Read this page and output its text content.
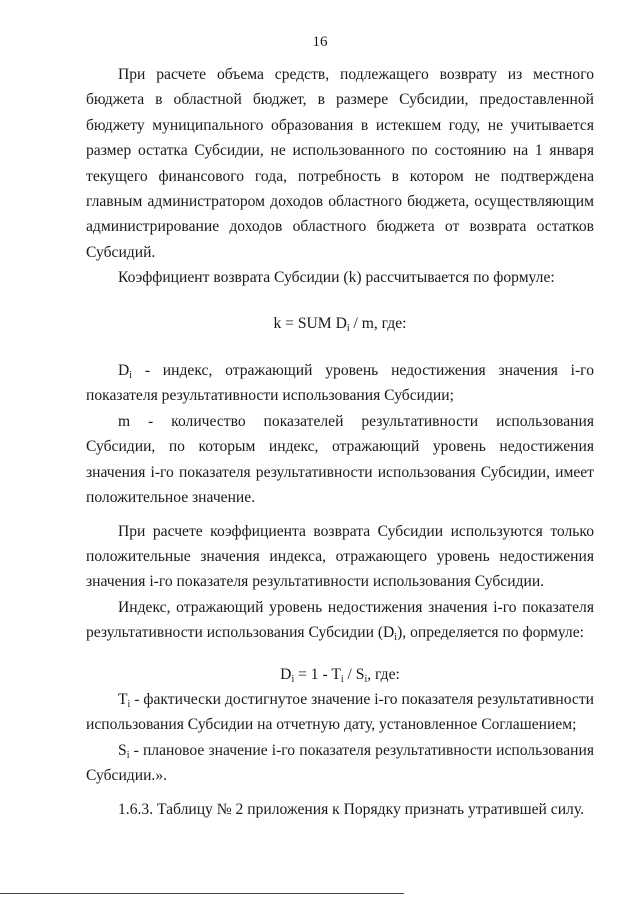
16

При расчете объема средств, подлежащего возврату из местного бюджета в областной бюджет, в размере Субсидии, предоставленной бюджету муниципального образования в истекшем году, не учитывается размер остатка Субсидии, не использованного по состоянию на 1 января текущего финансового года, потребность в котором не подтверждена главным администратором доходов областного бюджета, осуществляющим администрирование доходов областного бюджета от возврата остатков Субсидий.

Коэффициент возврата Субсидии (k) рассчитывается по формуле:

k = SUM $D_i$ / m, где:

$D_i$ - индекс, отражающий уровень недостижения значения i-го показателя результативности использования Субсидии;

m - количество показателей результативности использования Субсидии, по которым индекс, отражающий уровень недостижения значения i-го показателя результативности использования Субсидии, имеет положительное значение.

При расчете коэффициента возврата Субсидии используются только положительные значения индекса, отражающего уровень недостижения значения i-го показателя результативности использования Субсидии.

Индекс, отражающий уровень недостижения значения i-го показателя результативности использования Субсидии $(D_i)$, определяется по формуле:

$D_i = 1 - T_i / S_i$, где:

$T_i$ - фактически достигнутое значение i-го показателя результативности использования Субсидии на отчетную дату, установленное Соглашением;

$S_i$ - плановое значение i-го показателя результативности использования Субсидии.».

1.6.3. Таблицу № 2 приложения к Порядку признать утратившей силу.
